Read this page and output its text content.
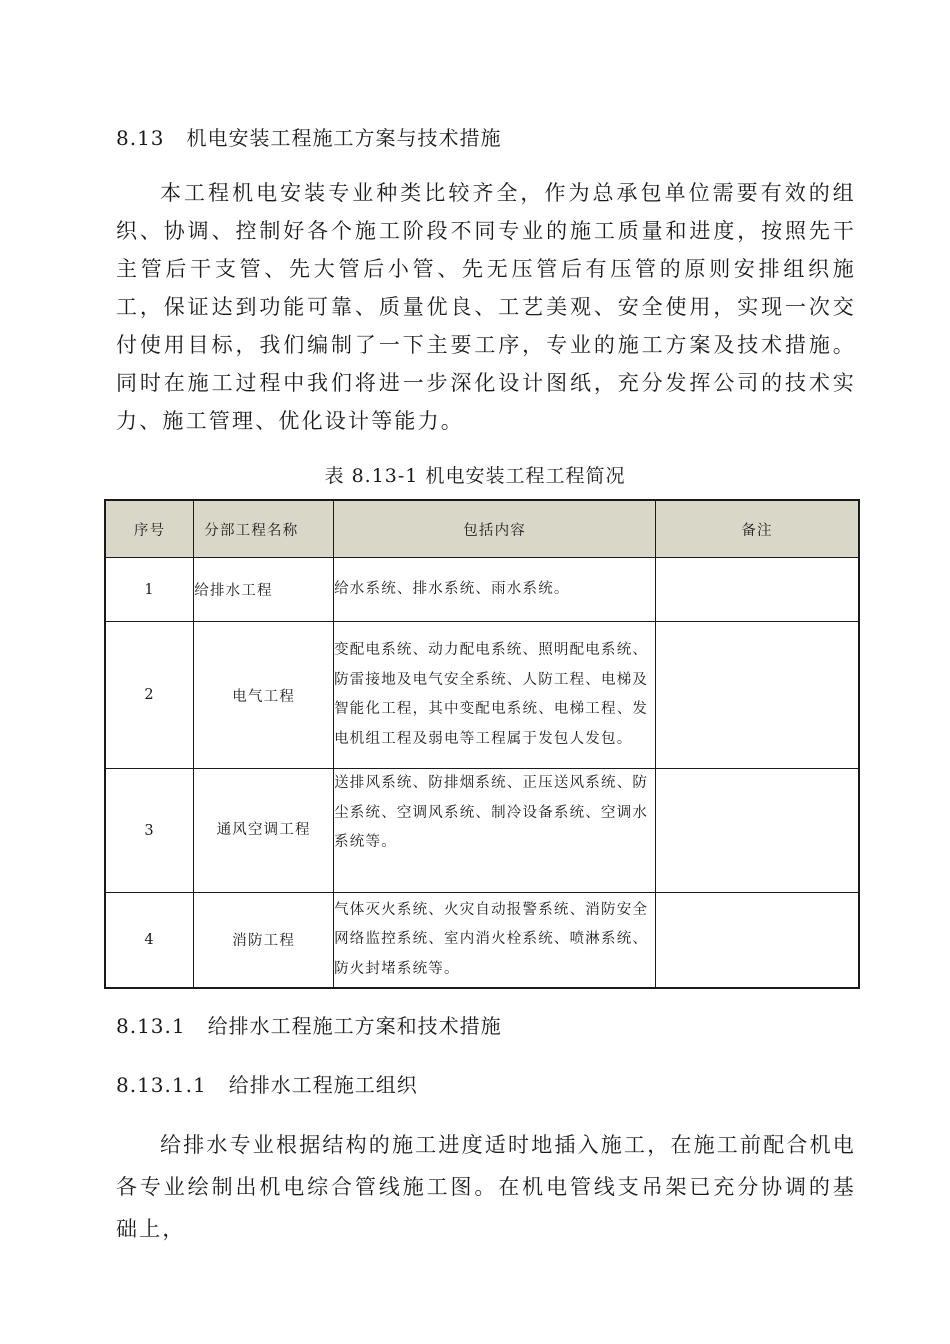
8.13 机电安装工程施工方案与技术措施

本工程机电安装专业种类比较齐全，作为总承包单位需要有效的组织、协调、控制好各个施工阶段不同专业的施工质量和进度，按照先干主管后干支管、先大管后小管、先无压管后有压管的原则安排组织施工，保证达到功能可靠、质量优良、工艺美观、安全使用，实现一次交付使用目标，我们编制了一下主要工序，专业的施工方案及技术措施。同时在施工过程中我们将进一步深化设计图纸，充分发挥公司的技术实力、施工管理、优化设计等能力。

表 8.13-1 机电安装工程工程简况
序号	分部工程名称	包括内容	备注
1	给排水工程	给水系统、排水系统、雨水系统。	
2	电气工程	变配电系统、动力配电系统、照明配电系统、防雷接地及电气安全系统、人防工程、电梯及智能化工程，其中变配电系统、电梯工程、发电机组工程及弱电等工程属于发包人发包。	
3	通风空调工程	送排风系统、防排烟系统、正压送风系统、防尘系统、空调风系统、制冷设备系统、空调水系统等。	
4	消防工程	气体灭火系统、火灾自动报警系统、消防安全网络监控系统、室内消火栓系统、喷淋系统、防火封堵系统等。	
8.13.1 给排水工程施工方案和技术措施
8.13.1.1 给排水工程施工组织

给排水专业根据结构的施工进度适时地插入施工，在施工前配合机电各专业绘制出机电综合管线施工图。在机电管线支吊架已充分协调的基础上，
